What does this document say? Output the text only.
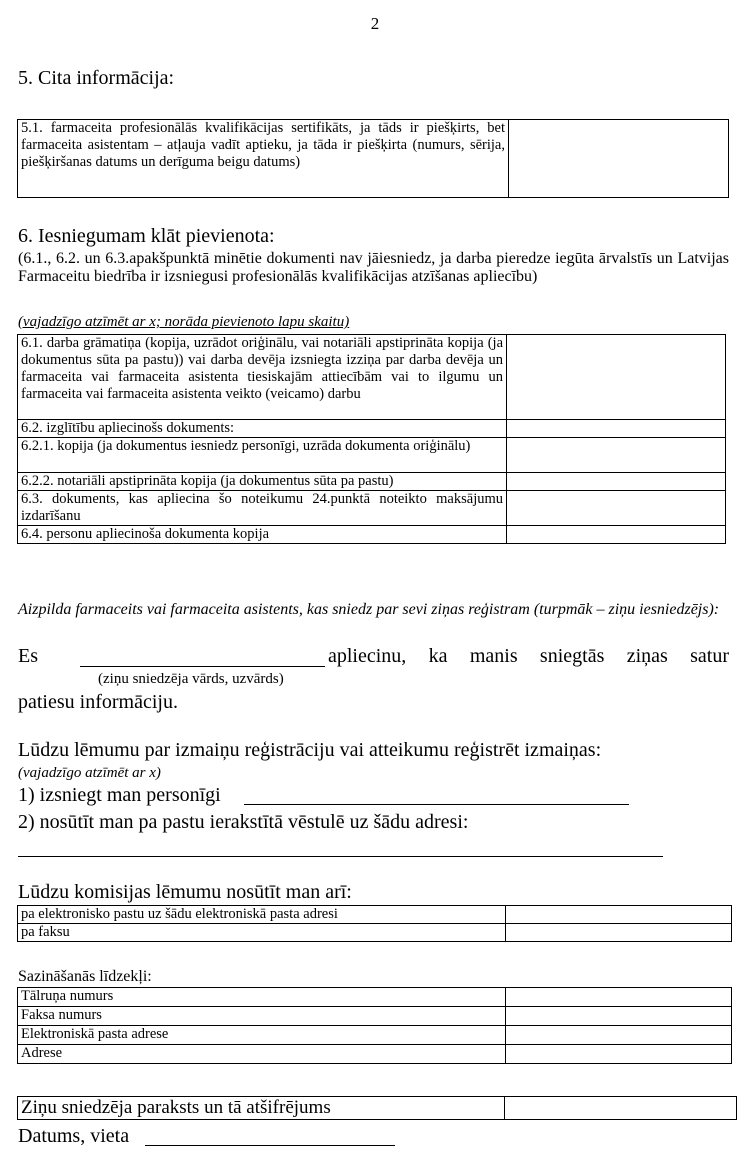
2
5. Cita informācija:
5.1. farmaceita profesionālās kvalifikācijas sertifikāts, ja tāds ir piešķirts, bet farmaceita asistentam – atļauja vadīt aptieku, ja tāda ir piešķirta (numurs, sērija, piešķiršanas datums un derīguma beigu datums)	
6. Iesniegumam klāt pievienota:
(6.1., 6.2. un 6.3.apakšpunktā minētie dokumenti nav jāiesniedz, ja darba pieredze iegūta ārvalstīs un Latvijas Farmaceitu biedrība ir izsniegusi profesionālās kvalifikācijas atzīšanas apliecību)
(vajadzīgo atzīmēt ar x; norāda pievienoto lapu skaitu)
6.1. darba grāmatiņa (kopija, uzrādot oriģinālu, vai notariāli apstiprināta kopija (ja dokumentus sūta pa pastu)) vai darba devēja izsniegta izziņa par darba devēja un farmaceita vai farmaceita asistenta tiesiskajām attiecībām vai to ilgumu un farmaceita vai farmaceita asistenta veikto (veicamo) darbu	
6.2. izglītību apliecinošs dokuments:	
6.2.1. kopija (ja dokumentus iesniedz personīgi, uzrāda dokumenta oriģinālu)	
6.2.2. notariāli apstiprināta kopija (ja dokumentus sūta pa pastu)	
6.3. dokuments, kas apliecina šo noteikumu 24.punktā noteikto maksājumu izdarīšanu	
6.4. personu apliecinoša dokumenta kopija	
Aizpilda farmaceits vai farmaceita asistents, kas sniedz par sevi ziņas reģistram (turpmāk – ziņu iesniedzējs):
Es	apliecinu, ka manis sniegtās ziņas satur
(ziņu sniedzēja vārds, uzvārds)
patiesu informāciju.
Lūdzu lēmumu par izmaiņu reģistrāciju vai atteikumu reģistrēt izmaiņas:
(vajadzīgo atzīmēt ar x)
1) izsniegt man personīgi
2) nosūtīt man pa pastu ierakstītā vēstulē uz šādu adresi:
Lūdzu komisijas lēmumu nosūtīt man arī:
pa elektronisko pastu uz šādu elektroniskā pasta adresi	
pa faksu	
Sazināšanās līdzekļi:
Tālruņa numurs	
Faksa numurs	
Elektroniskā pasta adrese	
Adrese	
Ziņu sniedzēja paraksts un tā atšifrējums	
Datums, vieta
